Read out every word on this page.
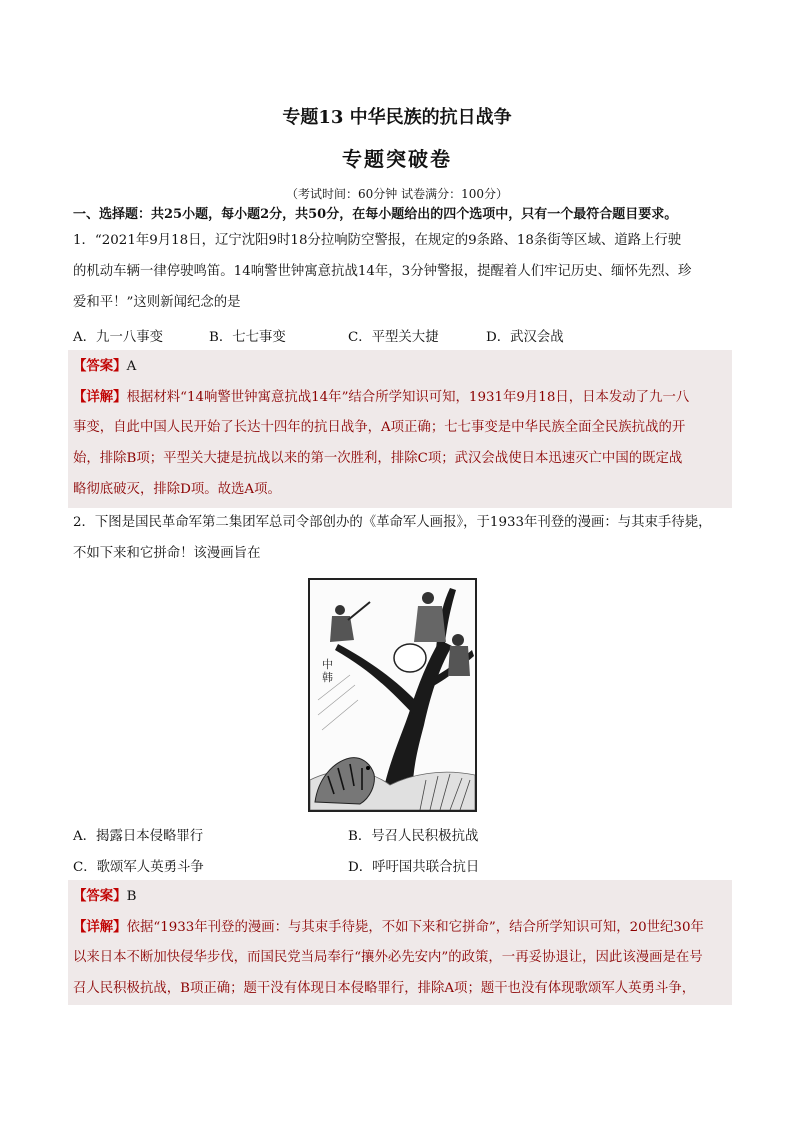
专题13 中华民族的抗日战争
专题突破卷
（考试时间：60分钟 试卷满分：100分）
一、选择题：共25小题，每小题2分，共50分，在每小题给出的四个选项中，只有一个最符合题目要求。
1．“2021年9月18日，辽宁沈阳9时18分拉响防空警报，在规定的9条路、18条街等区域、道路上行驶
的机动车辆一律停驶鸣笛。14响警世钟寓意抗战14年，3分钟警报，提醒着人们牢记历史、缅怀先烈、珍
爱和平！”这则新闻纪念的是
A．九一八事变	B．七七事变	C．平型关大捷	D．武汉会战
【答案】A
【详解】根据材料“14响警世钟寓意抗战14年”结合所学知识可知，1931年9月18日，日本发动了九一八
事变，自此中国人民开始了长达十四年的抗日战争，A项正确；七七事变是中华民族全面全民族抗战的开
始，排除B项；平型关大捷是抗战以来的第一次胜利，排除C项；武汉会战使日本迅速灭亡中国的既定战
略彻底破灭，排除D项。故选A项。
2．下图是国民革命军第二集团军总司令部创办的《革命军人画报》，于1933年刊登的漫画：与其束手待毙，
不如下来和它拼命！该漫画旨在
中韩
A．揭露日本侵略罪行	B．号召人民积极抗战
C．歌颂军人英勇斗争	D．呼吁国共联合抗日
【答案】B
【详解】依据“1933年刊登的漫画：与其束手待毙，不如下来和它拼命”，结合所学知识可知，20世纪30年
以来日本不断加快侵华步伐，而国民党当局奉行“攘外必先安内”的政策，一再妥协退让，因此该漫画是在号
召人民积极抗战，B项正确；题干没有体现日本侵略罪行，排除A项；题干也没有体现歌颂军人英勇斗争，
